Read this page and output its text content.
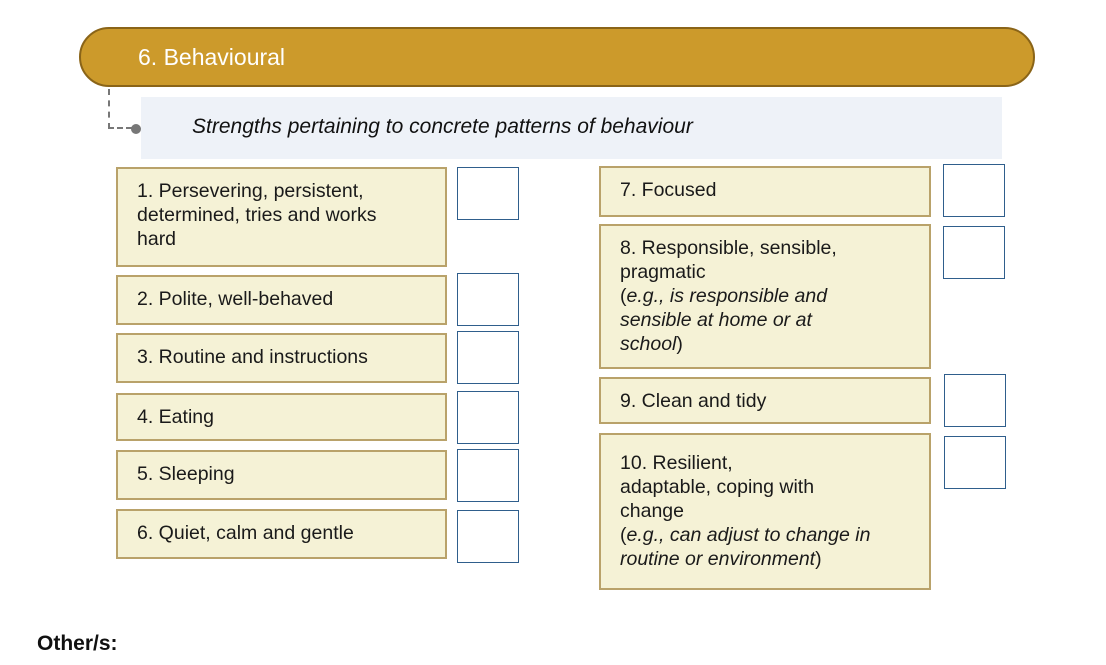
6. Behavioural
Strengths pertaining to concrete patterns of behaviour
1. Persevering, persistent,
determined, tries and works
hard
2. Polite, well-behaved
3. Routine and instructions
4. Eating
5. Sleeping
6. Quiet, calm and gentle
7. Focused
8. Responsible, sensible,
pragmatic
(e.g., is responsible and sensible at home or at school)
9. Clean and tidy
10. Resilient,
adaptable, coping with
change
(e.g., can adjust to change in routine or environment)
Other/s:
